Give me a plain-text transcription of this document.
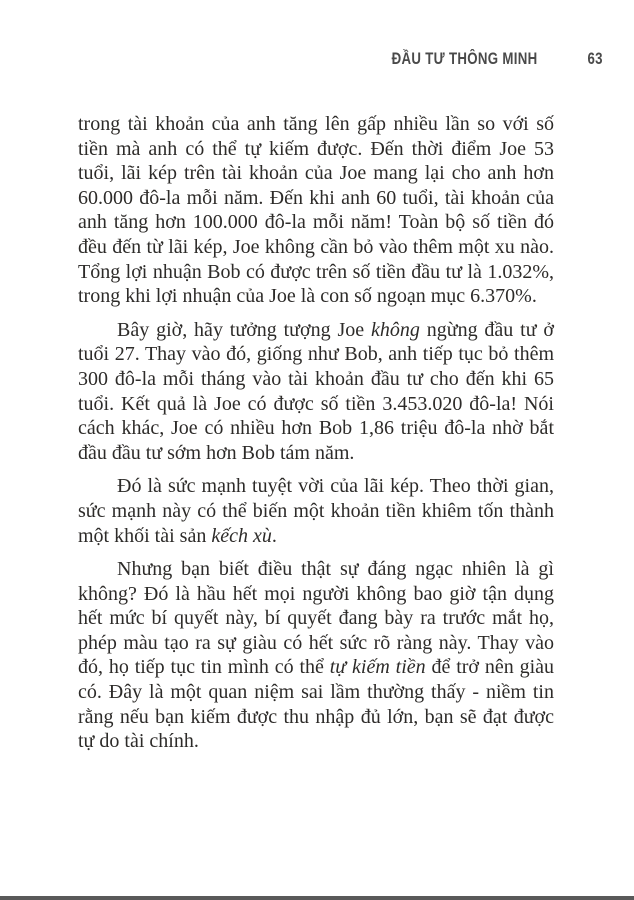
ĐẦU TƯ THÔNG MINH	63

trong tài khoản của anh tăng lên gấp nhiều lần so với số tiền mà anh có thể tự kiếm được. Đến thời điểm Joe 53 tuổi, lãi kép trên tài khoản của Joe mang lại cho anh hơn 60.000 đô-la mỗi năm. Đến khi anh 60 tuổi, tài khoản của anh tăng hơn 100.000 đô-la mỗi năm! Toàn bộ số tiền đó đều đến từ lãi kép, Joe không cần bỏ vào thêm một xu nào. Tổng lợi nhuận Bob có được trên số tiền đầu tư là 1.032%, trong khi lợi nhuận của Joe là con số ngoạn mục 6.370%.

Bây giờ, hãy tưởng tượng Joe không ngừng đầu tư ở tuổi 27. Thay vào đó, giống như Bob, anh tiếp tục bỏ thêm 300 đô-la mỗi tháng vào tài khoản đầu tư cho đến khi 65 tuổi. Kết quả là Joe có được số tiền 3.453.020 đô-la! Nói cách khác, Joe có nhiều hơn Bob 1,86 triệu đô-la nhờ bắt đầu đầu tư sớm hơn Bob tám năm.

Đó là sức mạnh tuyệt vời của lãi kép. Theo thời gian, sức mạnh này có thể biến một khoản tiền khiêm tốn thành một khối tài sản kếch xù.

Nhưng bạn biết điều thật sự đáng ngạc nhiên là gì không? Đó là hầu hết mọi người không bao giờ tận dụng hết mức bí quyết này, bí quyết đang bày ra trước mắt họ, phép màu tạo ra sự giàu có hết sức rõ ràng này. Thay vào đó, họ tiếp tục tin mình có thể tự kiếm tiền để trở nên giàu có. Đây là một quan niệm sai lầm thường thấy - niềm tin rằng nếu bạn kiếm được thu nhập đủ lớn, bạn sẽ đạt được tự do tài chính.
